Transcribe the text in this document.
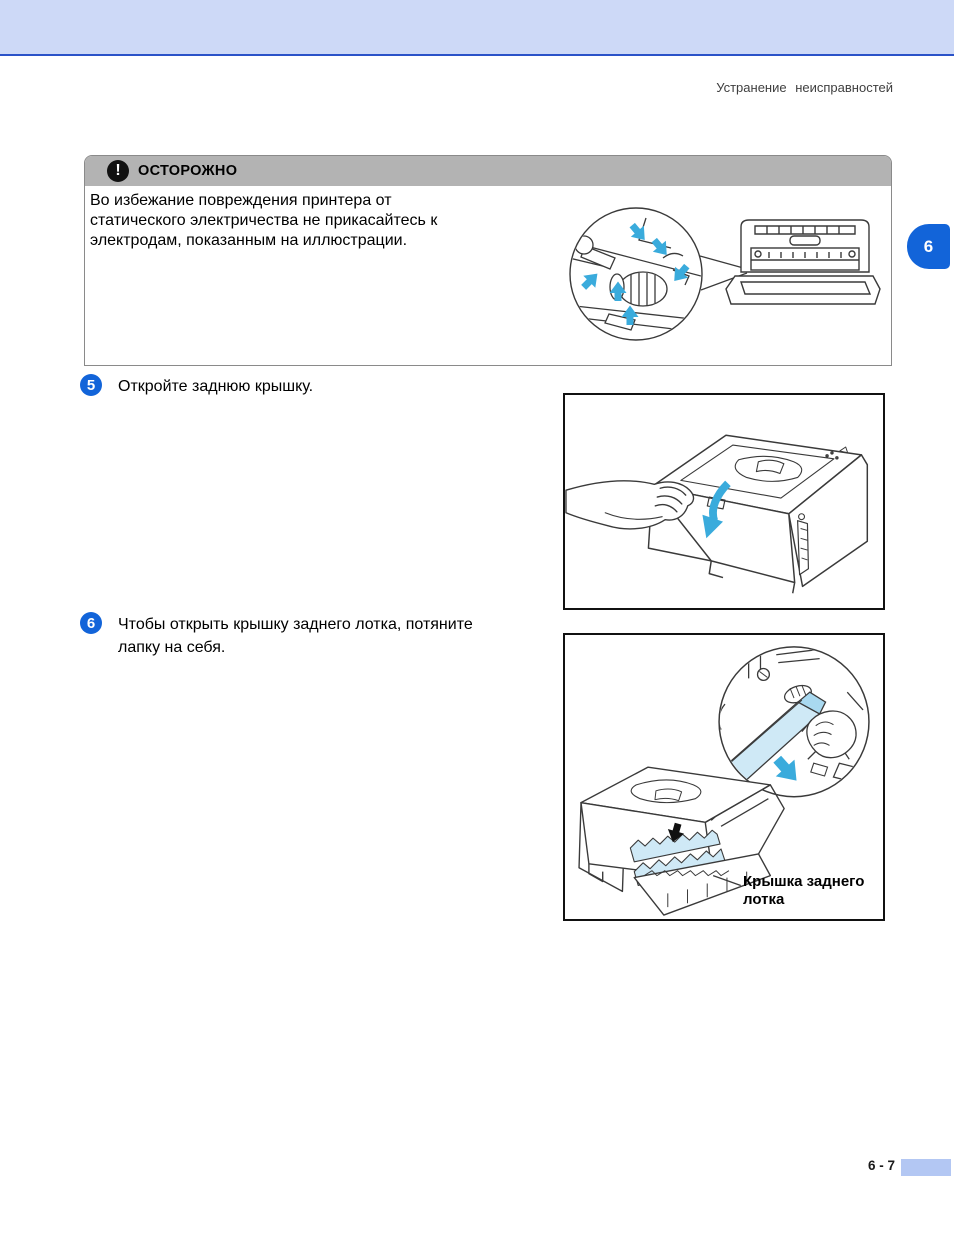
Устранение неисправностей
!	ОСТОРОЖНО
Во избежание повреждения принтера от
статического электричества не прикасайтесь к
электродам, показанным на иллюстрации.	6
5	Откройте заднюю крышку.
6	Чтобы открыть крышку заднего лотка, потяните
лапку на себя.
Крышка заднего
лотка
6 - 7
